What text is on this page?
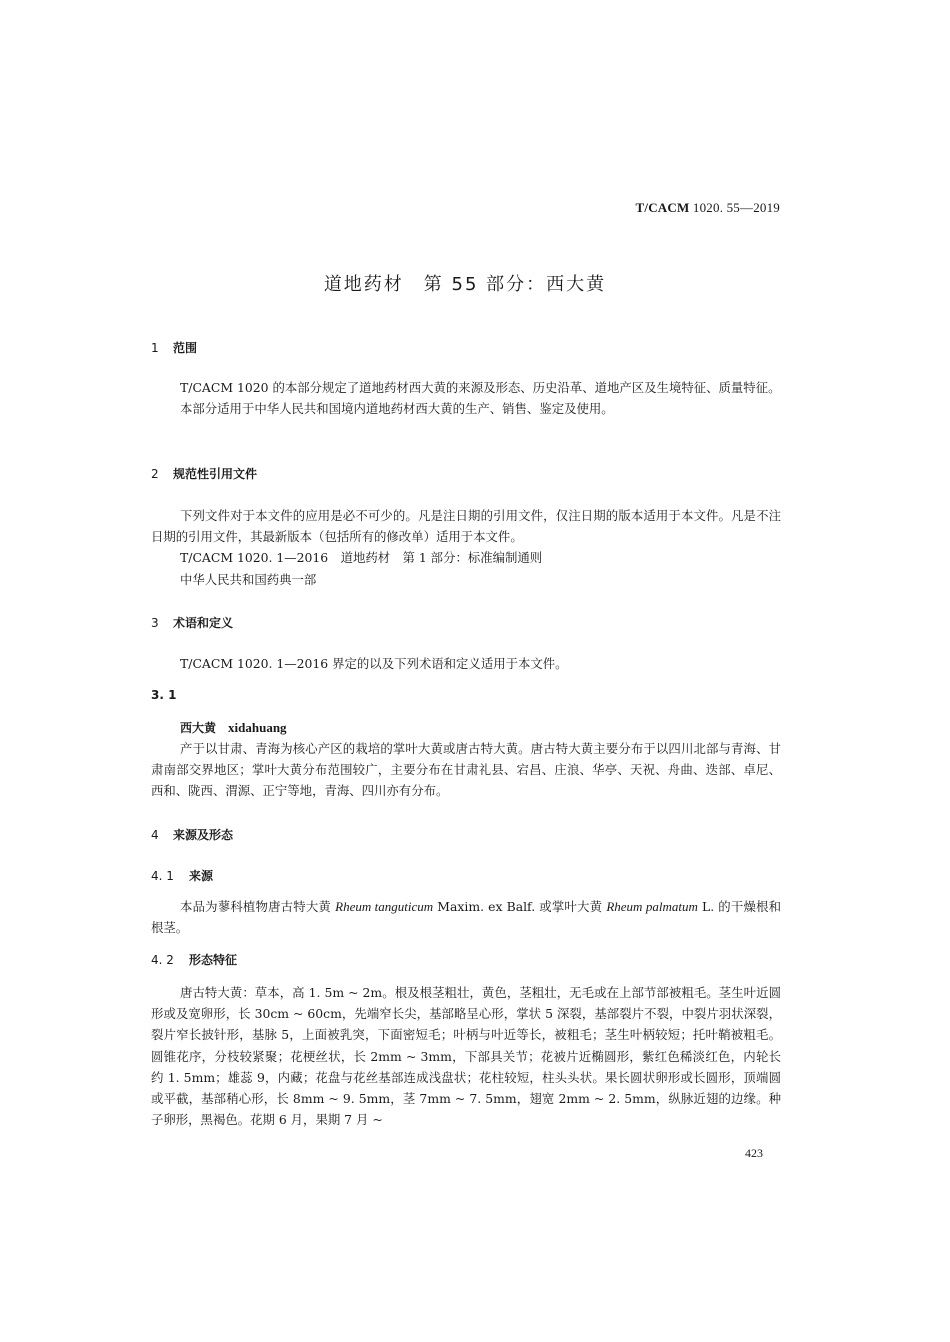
T/CACM 1020. 55—2019
道地药材　第 55 部分：西大黄
1 范围

T/CACM 1020 的本部分规定了道地药材西大黄的来源及形态、历史沿革、道地产区及生境特征、质量特征。

本部分适用于中华人民共和国境内道地药材西大黄的生产、销售、鉴定及使用。

2 规范性引用文件

下列文件对于本文件的应用是必不可少的。凡是注日期的引用文件，仅注日期的版本适用于本文件。凡是不注日期的引用文件，其最新版本（包括所有的修改单）适用于本文件。

T/CACM 1020. 1—2016　道地药材　第 1 部分：标准编制通则

中华人民共和国药典一部

3 术语和定义

T/CACM 1020. 1—2016 界定的以及下列术语和定义适用于本文件。

3. 1
西大黄 xidahuang

产于以甘肃、青海为核心产区的栽培的掌叶大黄或唐古特大黄。唐古特大黄主要分布于以四川北部与青海、甘肃南部交界地区；掌叶大黄分布范围较广，主要分布在甘肃礼县、宕昌、庄浪、华亭、天祝、舟曲、迭部、卓尼、西和、陇西、渭源、正宁等地，青海、四川亦有分布。

4 来源及形态
4. 1 来源

本品为蓼科植物唐古特大黄 Rheum tanguticum Maxim. ex Balf. 或掌叶大黄 Rheum palmatum L. 的干燥根和根茎。

4. 2 形态特征

唐古特大黄：草本，高 1. 5m ~ 2m。根及根茎粗壮，黄色，茎粗壮，无毛或在上部节部被粗毛。茎生叶近圆形或及宽卵形，长 30cm ~ 60cm，先端窄长尖，基部略呈心形，掌状 5 深裂，基部裂片不裂，中裂片羽状深裂，裂片窄长披针形，基脉 5，上面被乳突，下面密短毛；叶柄与叶近等长，被粗毛；茎生叶柄较短；托叶鞘被粗毛。圆锥花序，分枝较紧聚；花梗丝状，长 2mm ~ 3mm，下部具关节；花被片近椭圆形，紫红色稀淡红色，内轮长约 1. 5mm；雄蕊 9，内藏；花盘与花丝基部连成浅盘状；花柱较短，柱头头状。果长圆状卵形或长圆形，顶端圆或平截，基部稍心形，长 8mm ~ 9. 5mm，茎 7mm ~ 7. 5mm，翅宽 2mm ~ 2. 5mm，纵脉近翅的边缘。种子卵形，黑褐色。花期 6 月，果期 7 月 ~

423
